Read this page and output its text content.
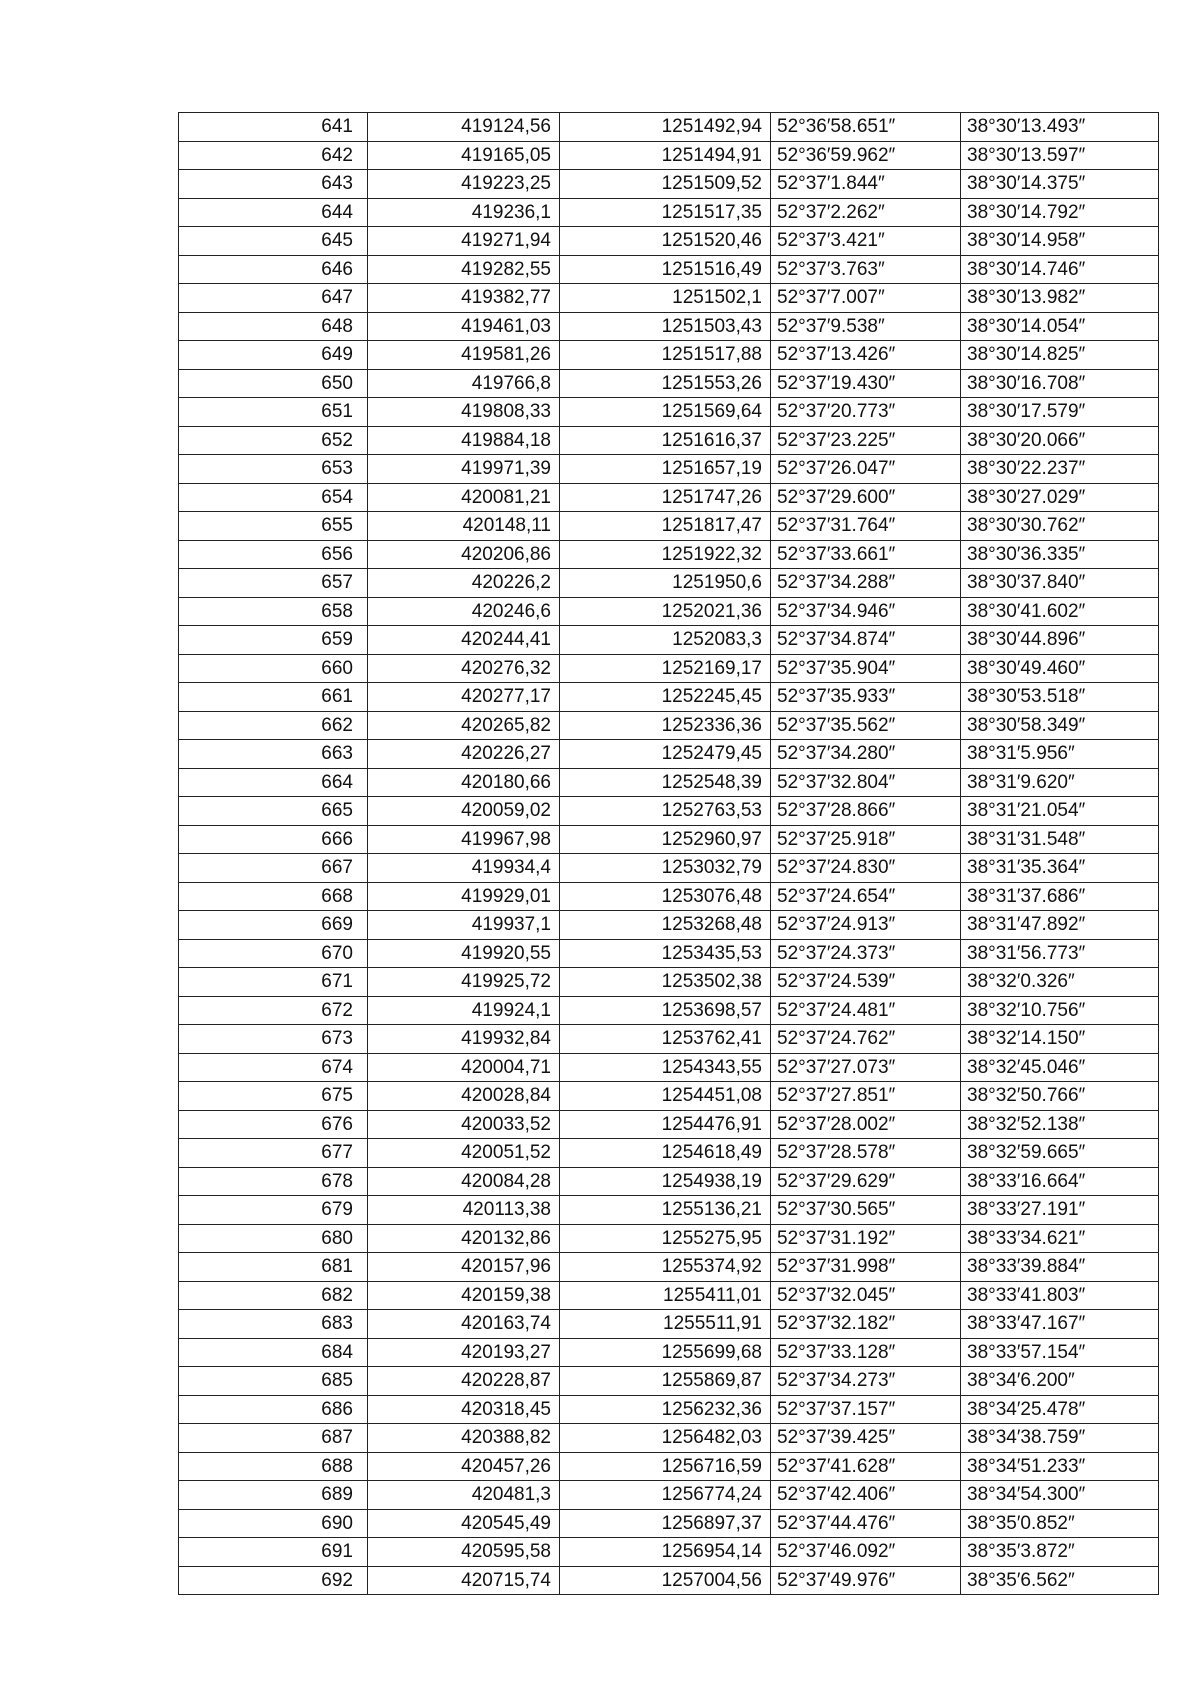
641	419124,56	1251492,94	52°36′58.651″	38°30′13.493″
642	419165,05	1251494,91	52°36′59.962″	38°30′13.597″
643	419223,25	1251509,52	52°37′1.844″	38°30′14.375″
644	419236,1	1251517,35	52°37′2.262″	38°30′14.792″
645	419271,94	1251520,46	52°37′3.421″	38°30′14.958″
646	419282,55	1251516,49	52°37′3.763″	38°30′14.746″
647	419382,77	1251502,1	52°37′7.007″	38°30′13.982″
648	419461,03	1251503,43	52°37′9.538″	38°30′14.054″
649	419581,26	1251517,88	52°37′13.426″	38°30′14.825″
650	419766,8	1251553,26	52°37′19.430″	38°30′16.708″
651	419808,33	1251569,64	52°37′20.773″	38°30′17.579″
652	419884,18	1251616,37	52°37′23.225″	38°30′20.066″
653	419971,39	1251657,19	52°37′26.047″	38°30′22.237″
654	420081,21	1251747,26	52°37′29.600″	38°30′27.029″
655	420148,11	1251817,47	52°37′31.764″	38°30′30.762″
656	420206,86	1251922,32	52°37′33.661″	38°30′36.335″
657	420226,2	1251950,6	52°37′34.288″	38°30′37.840″
658	420246,6	1252021,36	52°37′34.946″	38°30′41.602″
659	420244,41	1252083,3	52°37′34.874″	38°30′44.896″
660	420276,32	1252169,17	52°37′35.904″	38°30′49.460″
661	420277,17	1252245,45	52°37′35.933″	38°30′53.518″
662	420265,82	1252336,36	52°37′35.562″	38°30′58.349″
663	420226,27	1252479,45	52°37′34.280″	38°31′5.956″
664	420180,66	1252548,39	52°37′32.804″	38°31′9.620″
665	420059,02	1252763,53	52°37′28.866″	38°31′21.054″
666	419967,98	1252960,97	52°37′25.918″	38°31′31.548″
667	419934,4	1253032,79	52°37′24.830″	38°31′35.364″
668	419929,01	1253076,48	52°37′24.654″	38°31′37.686″
669	419937,1	1253268,48	52°37′24.913″	38°31′47.892″
670	419920,55	1253435,53	52°37′24.373″	38°31′56.773″
671	419925,72	1253502,38	52°37′24.539″	38°32′0.326″
672	419924,1	1253698,57	52°37′24.481″	38°32′10.756″
673	419932,84	1253762,41	52°37′24.762″	38°32′14.150″
674	420004,71	1254343,55	52°37′27.073″	38°32′45.046″
675	420028,84	1254451,08	52°37′27.851″	38°32′50.766″
676	420033,52	1254476,91	52°37′28.002″	38°32′52.138″
677	420051,52	1254618,49	52°37′28.578″	38°32′59.665″
678	420084,28	1254938,19	52°37′29.629″	38°33′16.664″
679	420113,38	1255136,21	52°37′30.565″	38°33′27.191″
680	420132,86	1255275,95	52°37′31.192″	38°33′34.621″
681	420157,96	1255374,92	52°37′31.998″	38°33′39.884″
682	420159,38	1255411,01	52°37′32.045″	38°33′41.803″
683	420163,74	1255511,91	52°37′32.182″	38°33′47.167″
684	420193,27	1255699,68	52°37′33.128″	38°33′57.154″
685	420228,87	1255869,87	52°37′34.273″	38°34′6.200″
686	420318,45	1256232,36	52°37′37.157″	38°34′25.478″
687	420388,82	1256482,03	52°37′39.425″	38°34′38.759″
688	420457,26	1256716,59	52°37′41.628″	38°34′51.233″
689	420481,3	1256774,24	52°37′42.406″	38°34′54.300″
690	420545,49	1256897,37	52°37′44.476″	38°35′0.852″
691	420595,58	1256954,14	52°37′46.092″	38°35′3.872″
692	420715,74	1257004,56	52°37′49.976″	38°35′6.562″
